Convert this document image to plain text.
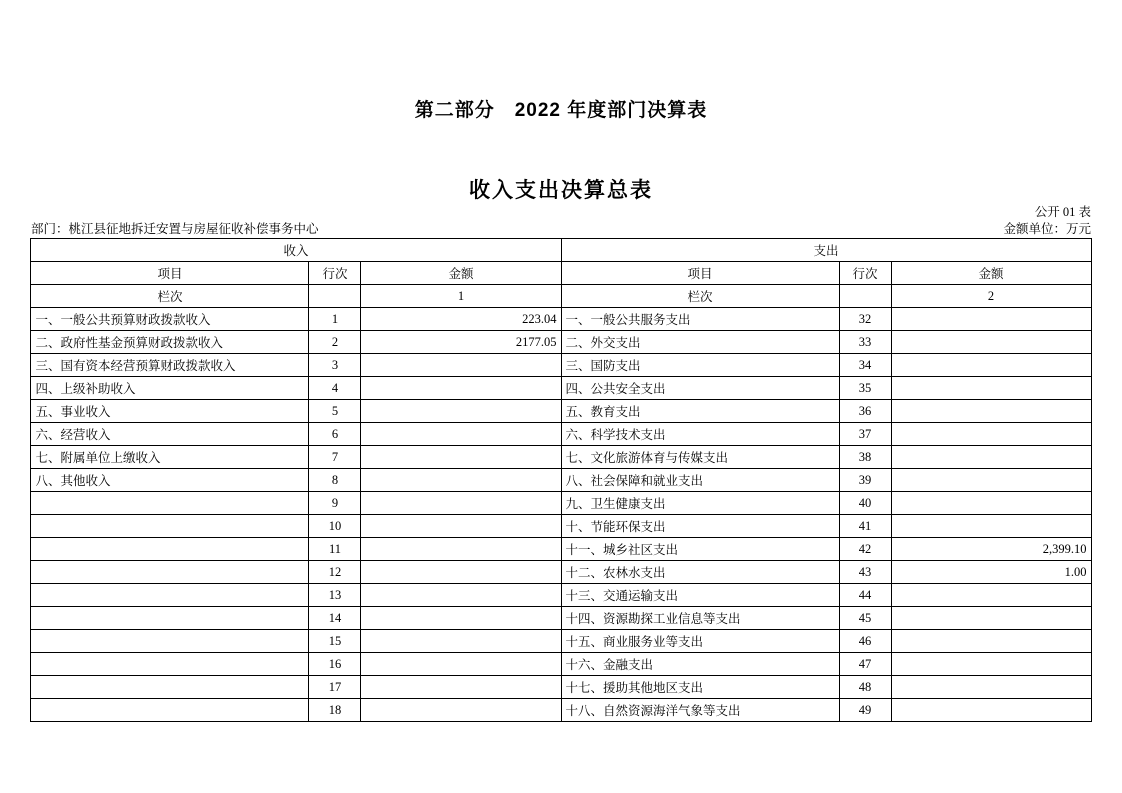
第二部分　2022 年度部门决算表
收入支出决算总表
公开 01 表
金额单位：万元
部门：桃江县征地拆迁安置与房屋征收补偿事务中心
收入			支出		
项目	行次	金额	项目	行次	金额
栏次		1	栏次		2
一、一般公共预算财政拨款收入	1	223.04	一、一般公共服务支出	32	
二、政府性基金预算财政拨款收入	2	2177.05	二、外交支出	33	
三、国有资本经营预算财政拨款收入	3		三、国防支出	34	
四、上级补助收入	4		四、公共安全支出	35	
五、事业收入	5		五、教育支出	36	
六、经营收入	6		六、科学技术支出	37	
七、附属单位上缴收入	7		七、文化旅游体育与传媒支出	38	
八、其他收入	8		八、社会保障和就业支出	39	
	9		九、卫生健康支出	40	
	10		十、节能环保支出	41	
	11		十一、城乡社区支出	42	2,399.10
	12		十二、农林水支出	43	1.00
	13		十三、交通运输支出	44	
	14		十四、资源勘探工业信息等支出	45	
	15		十五、商业服务业等支出	46	
	16		十六、金融支出	47	
	17		十七、援助其他地区支出	48	
	18		十八、自然资源海洋气象等支出	49	
